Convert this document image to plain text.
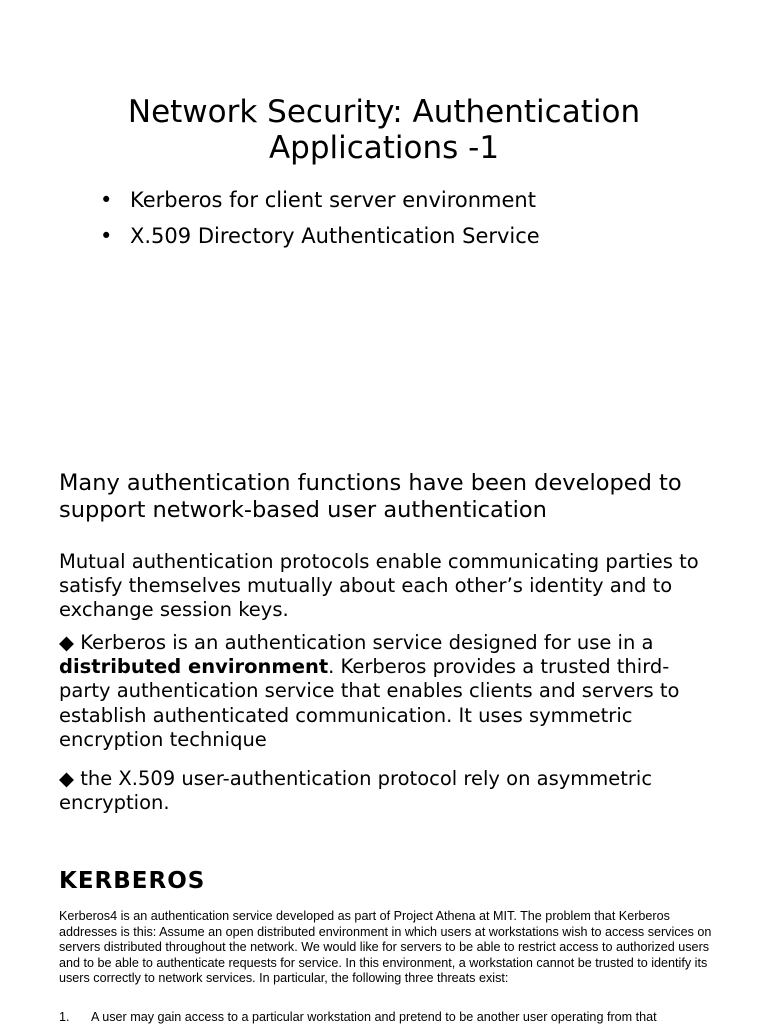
Network Security: Authentication Applications -1
• Kerberos for client server environment
• X.509 Directory Authentication Service
Many authentication functions have been developed to support network-based user authentication

Mutual authentication protocols enable communicating parties to satisfy themselves mutually about each other’s identity and to exchange session keys.

◆ Kerberos is an authentication service designed for use in a distributed environment. Kerberos provides a trusted third-party authentication service that enables clients and servers to establish authenticated communication. It uses symmetric encryption technique

◆ the X.509 user-authentication protocol rely on asymmetric encryption.

KERBEROS

Kerberos4 is an authentication service developed as part of Project Athena at MIT. The problem that Kerberos addresses is this: Assume an open distributed environment in which users at workstations wish to access services on servers distributed throughout the network. We would like for servers to be able to restrict access to authorized users and to be able to authenticate requests for service. In this environment, a workstation cannot be trusted to identify its users correctly to network services. In particular, the following three threats exist:

1. A user may gain access to a particular workstation and pretend to be another user operating from that
